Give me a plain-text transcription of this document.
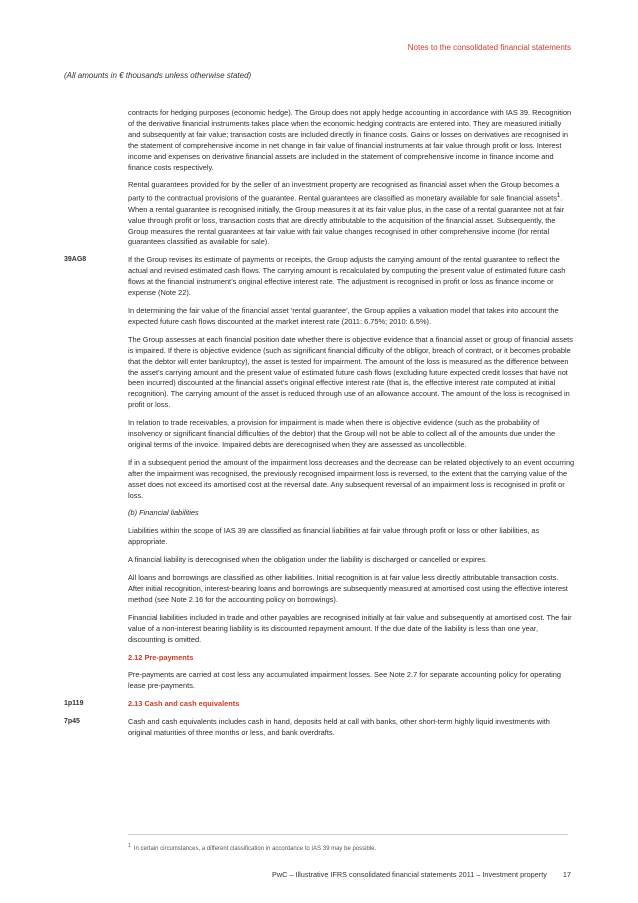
Notes to the consolidated financial statements
(All amounts in € thousands unless otherwise stated)

contracts for hedging purposes (economic hedge). The Group does not apply hedge accounting in accordance with IAS 39. Recognition of the derivative financial instruments takes place when the economic hedging contracts are entered into. They are measured initially and subsequently at fair value; transaction costs are included directly in finance costs. Gains or losses on derivatives are recognised in the statement of comprehensive income in net change in fair value of financial instruments at fair value through profit or loss. Interest income and expenses on derivative financial assets are included in the statement of comprehensive income in finance income and finance costs respectively.

Rental guarantees provided for by the seller of an investment property are recognised as financial asset when the Group becomes a party to the contractual provisions of the guarantee. Rental guarantees are classified as monetary available for sale financial assets$^1$. When a rental guarantee is recognised initially, the Group measures it at its fair value plus, in the case of a rental guarantee not at fair value through profit or loss, transaction costs that are directly attributable to the acquisition of the financial asset. Subsequently, the Group measures the rental guarantees at fair value with fair value changes recognised in other comprehensive income (for rental guarantees classified as available for sale).

39AG8	If the Group revises its estimate of payments or receipts, the Group adjusts the carrying amount of the rental guarantee to reflect the actual and revised estimated cash flows. The carrying amount is recalculated by computing the present value of estimated future cash flows at the financial instrument’s original effective interest rate. The adjustment is recognised in profit or loss as finance income or expense (Note 22).

In determining the fair value of the financial asset ‘rental guarantee’, the Group applies a valuation model that takes into account the expected future cash flows discounted at the market interest rate (2011: 6.75%; 2010: 6.5%).

The Group assesses at each financial position date whether there is objective evidence that a financial asset or group of financial assets is impaired. If there is objective evidence (such as significant financial difficulty of the obligor, breach of contract, or it becomes probable that the debtor will enter bankruptcy), the asset is tested for impairment. The amount of the loss is measured as the difference between the asset’s carrying amount and the present value of estimated future cash flows (excluding future expected credit losses that have not been incurred) discounted at the financial asset’s original effective interest rate (that is, the effective interest rate computed at initial recognition). The carrying amount of the asset is reduced through use of an allowance account. The amount of the loss is recognised in profit or loss.

In relation to trade receivables, a provision for impairment is made when there is objective evidence (such as the probability of insolvency or significant financial difficulties of the debtor) that the Group will not be able to collect all of the amounts due under the original terms of the invoice. Impaired debts are derecognised when they are assessed as uncollectible.

If in a subsequent period the amount of the impairment loss decreases and the decrease can be related objectively to an event occurring after the impairment was recognised, the previously recognised impairment loss is reversed, to the extent that the carrying value of the asset does not exceed its amortised cost at the reversal date. Any subsequent reversal of an impairment loss is recognised in profit or loss.

(b) Financial liabilities

Liabilities within the scope of IAS 39 are classified as financial liabilities at fair value through profit or loss or other liabilities, as appropriate.

A financial liability is derecognised when the obligation under the liability is discharged or cancelled or expires.

All loans and borrowings are classified as other liabilities. Initial recognition is at fair value less directly attributable transaction costs. After initial recognition, interest-bearing loans and borrowings are subsequently measured at amortised cost using the effective interest method (see Note 2.16 for the accounting policy on borrowings).

Financial liabilities included in trade and other payables are recognised initially at fair value and subsequently at amortised cost. The fair value of a non-interest bearing liability is its discounted repayment amount. If the due date of the liability is less than one year, discounting is omitted.

2.12 Pre-payments

Pre-payments are carried at cost less any accumulated impairment losses. See Note 2.7 for separate accounting policy for operating lease pre-payments.

1p119	2.13 Cash and cash equivalents

7p45	Cash and cash equivalents includes cash in hand, deposits held at call with banks, other short-term highly liquid investments with original maturities of three months or less, and bank overdrafts.

$^1$ In certain circumstances, a different classification in accordance to IAS 39 may be possible.
PwC – Illustrative IFRS consolidated financial statements 2011 – Investment property 17
